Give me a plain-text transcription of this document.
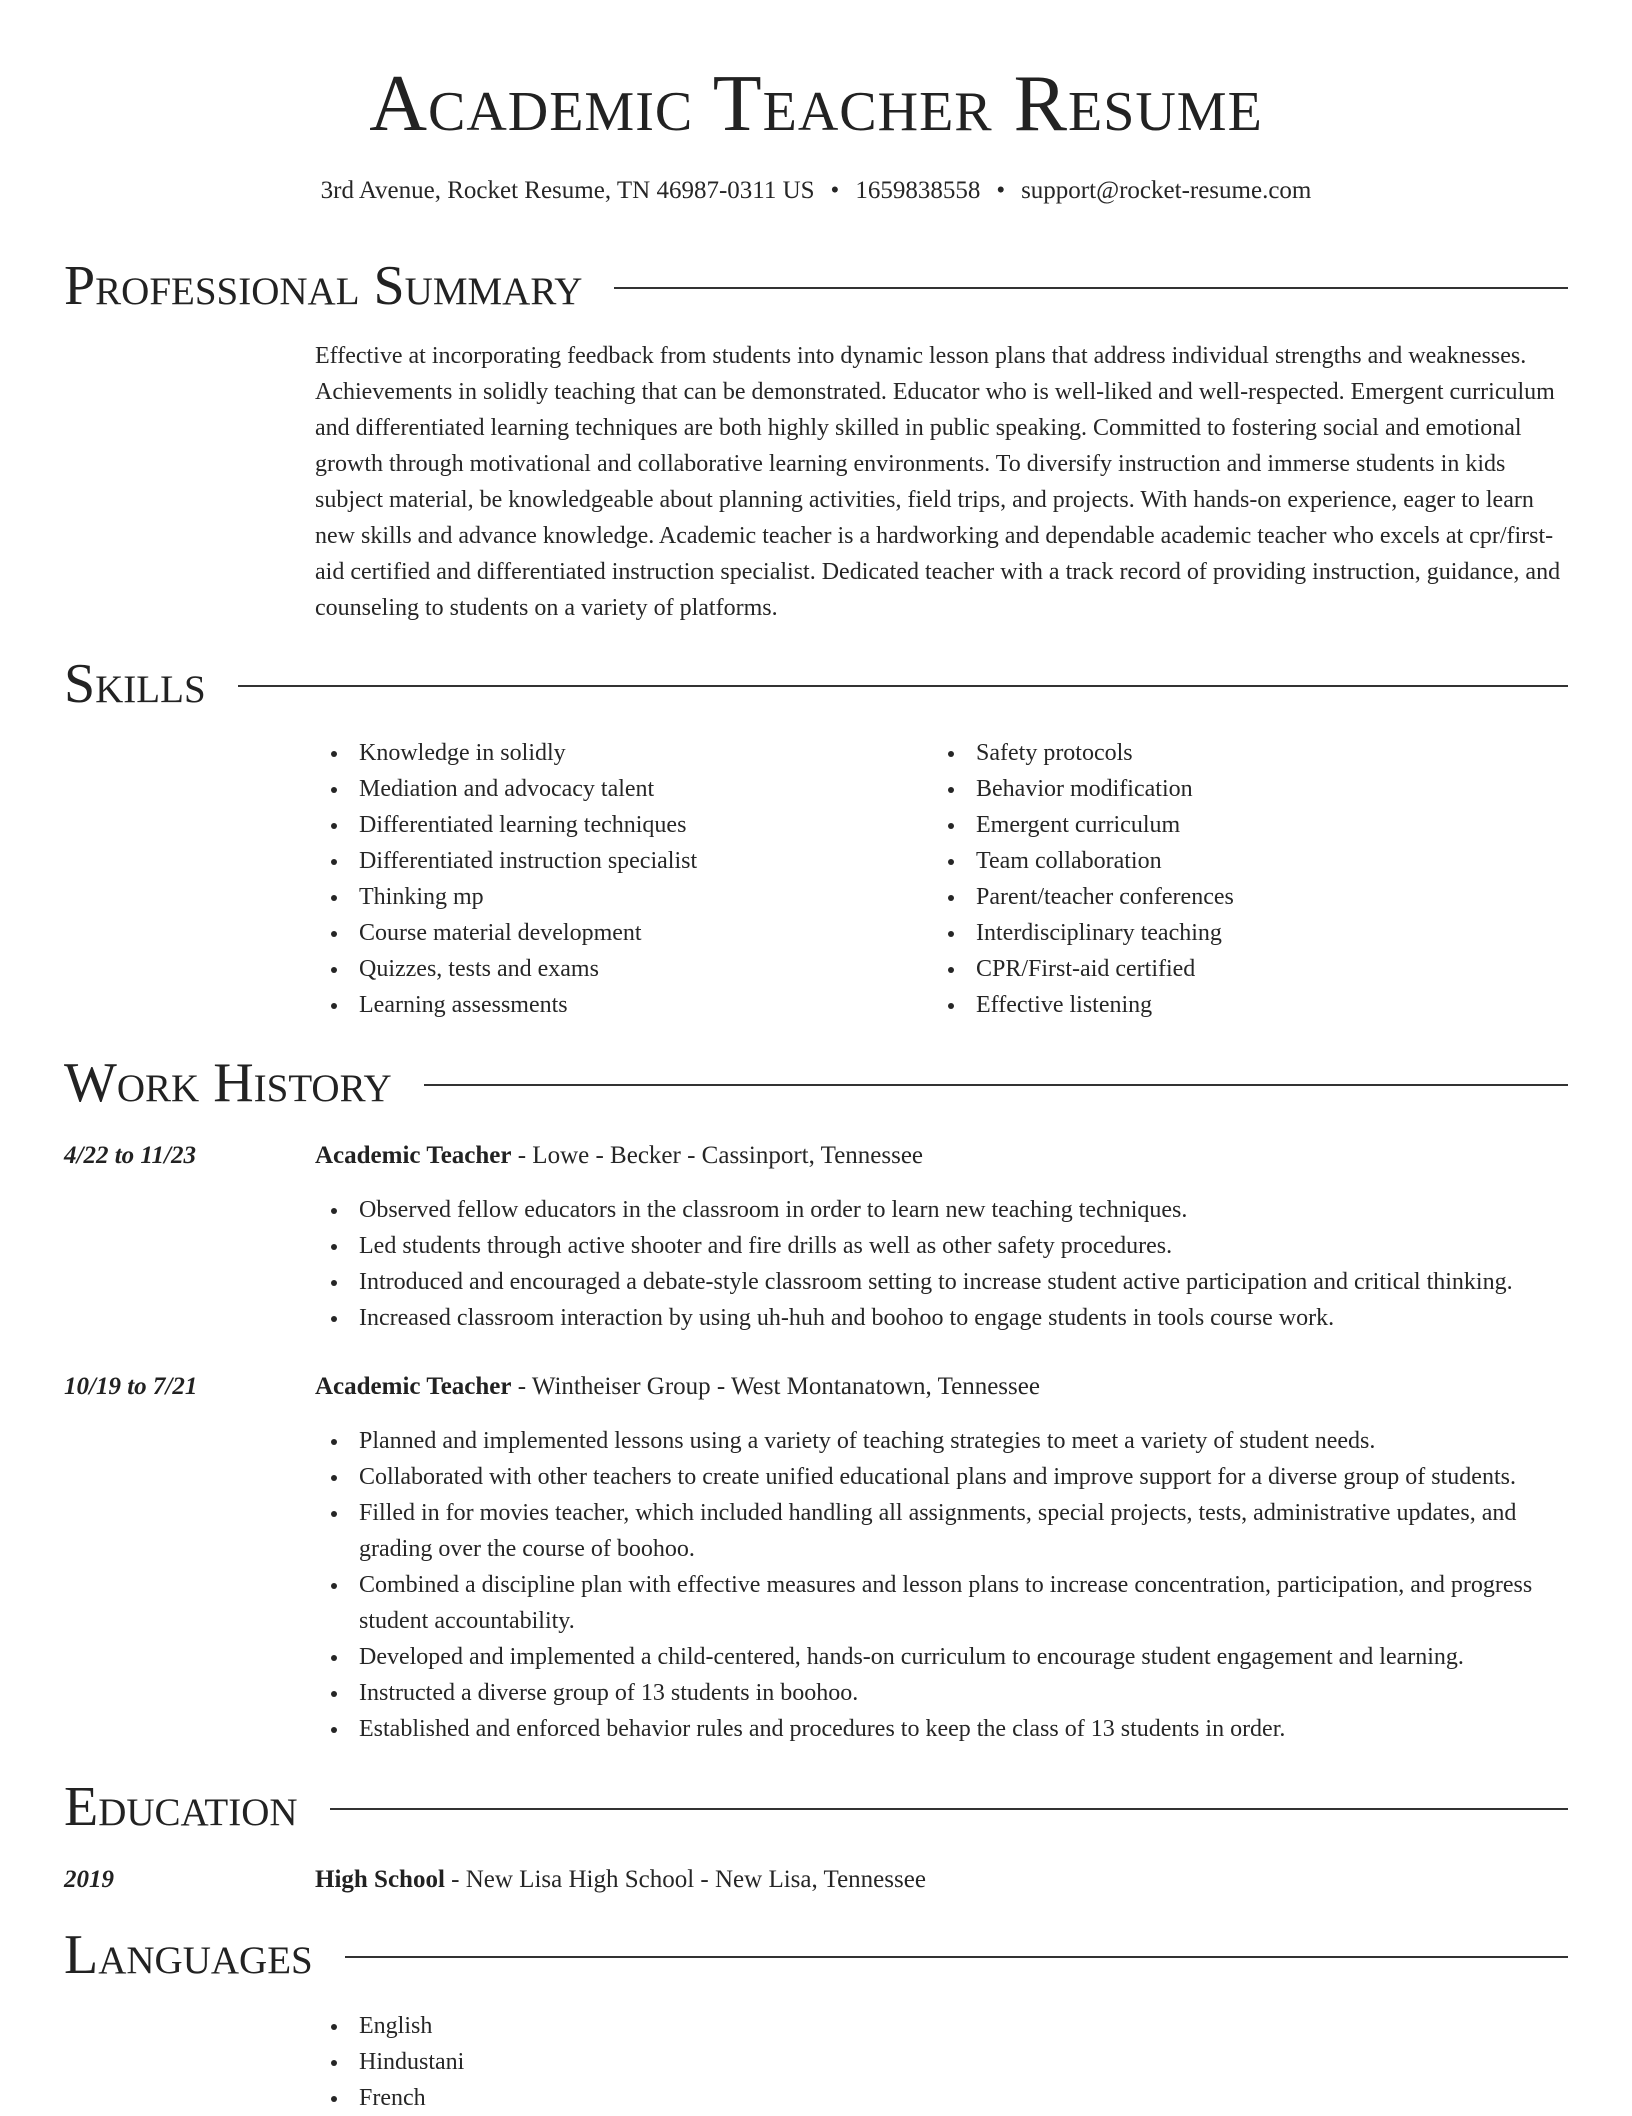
Academic Teacher Resume
3rd Avenue, Rocket Resume, TN 46987-0311 US • 1659838558 • support@rocket-resume.com
Professional Summary

Effective at incorporating feedback from students into dynamic lesson plans that address individual strengths and weaknesses. Achievements in solidly teaching that can be demonstrated. Educator who is well-liked and well-respected. Emergent curriculum and differentiated learning techniques are both highly skilled in public speaking. Committed to fostering social and emotional growth through motivational and collaborative learning environments. To diversify instruction and immerse students in kids subject material, be knowledgeable about planning activities, field trips, and projects. With hands-on experience, eager to learn new skills and advance knowledge. Academic teacher is a hardworking and dependable academic teacher who excels at cpr/first-aid certified and differentiated instruction specialist. Dedicated teacher with a track record of providing instruction, guidance, and counseling to students on a variety of platforms.

Skills
Knowledge in solidly
Mediation and advocacy talent
Differentiated learning techniques
Differentiated instruction specialist
Thinking mp
Course material development
Quizzes, tests and exams
Learning assessments
Safety protocols
Behavior modification
Emergent curriculum
Team collaboration
Parent/teacher conferences
Interdisciplinary teaching
CPR/First-aid certified
Effective listening
Work History
4/22 to 11/23	Academic Teacher - Lowe - Becker - Cassinport, Tennessee
Observed fellow educators in the classroom in order to learn new teaching techniques.
Led students through active shooter and fire drills as well as other safety procedures.
Introduced and encouraged a debate-style classroom setting to increase student active participation and critical thinking.
Increased classroom interaction by using uh-huh and boohoo to engage students in tools course work.
10/19 to 7/21	Academic Teacher - Wintheiser Group - West Montanatown, Tennessee
Planned and implemented lessons using a variety of teaching strategies to meet a variety of student needs.
Collaborated with other teachers to create unified educational plans and improve support for a diverse group of students.
Filled in for movies teacher, which included handling all assignments, special projects, tests, administrative updates, and grading over the course of boohoo.
Combined a discipline plan with effective measures and lesson plans to increase concentration, participation, and progress student accountability.
Developed and implemented a child-centered, hands-on curriculum to encourage student engagement and learning.
Instructed a diverse group of 13 students in boohoo.
Established and enforced behavior rules and procedures to keep the class of 13 students in order.
Education
2019	High School - New Lisa High School - New Lisa, Tennessee
Languages
English
Hindustani
French
